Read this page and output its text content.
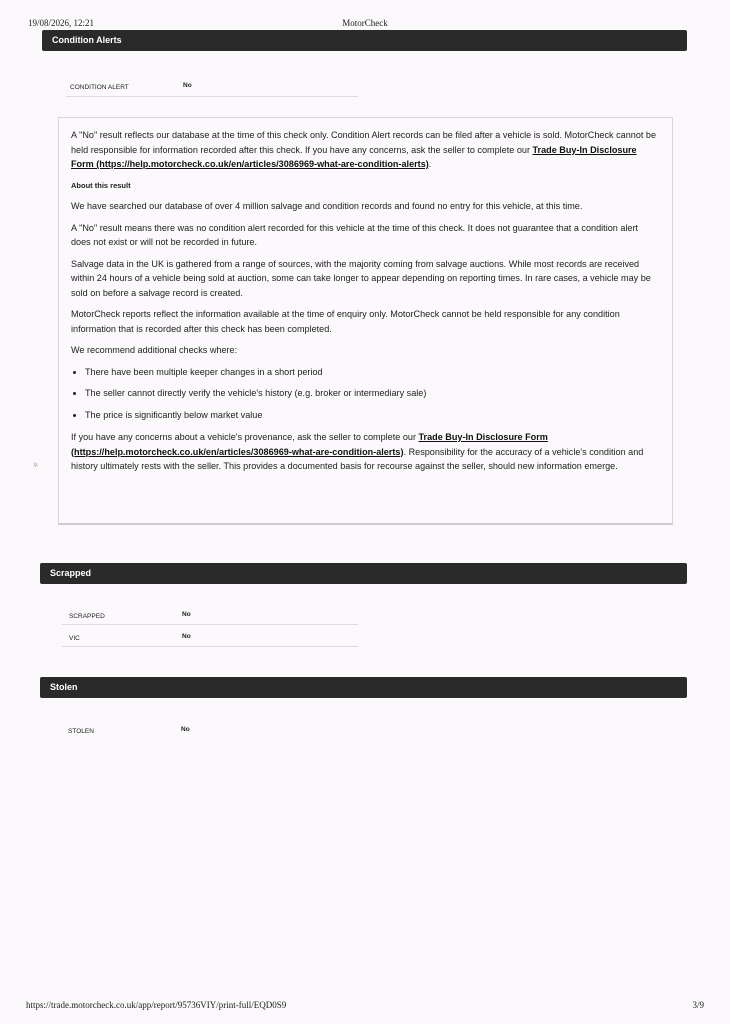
19/08/2026, 12:21	MotorCheck
Condition Alerts
CONDITION ALERT	No

A "No" result reflects our database at the time of this check only. Condition Alert records can be filed after a vehicle is sold. MotorCheck cannot be held responsible for information recorded after this check. If you have any concerns, ask the seller to complete our Trade Buy-In Disclosure Form (https://help.motorcheck.co.uk/en/articles/3086969-what-are-condition-alerts).

About this result

We have searched our database of over 4 million salvage and condition records and found no entry for this vehicle, at this time.

A "No" result means there was no condition alert recorded for this vehicle at the time of this check. It does not guarantee that a condition alert does not exist or will not be recorded in future.

Salvage data in the UK is gathered from a range of sources, with the majority coming from salvage auctions. While most records are received within 24 hours of a vehicle being sold at auction, some can take longer to appear depending on reporting times. In rare cases, a vehicle may be sold on before a salvage record is created.

MotorCheck reports reflect the information available at the time of enquiry only. MotorCheck cannot be held responsible for any condition information that is recorded after this check has been completed.

We recommend additional checks where:

• There have been multiple keeper changes in a short period
• The seller cannot directly verify the vehicle's history (e.g. broker or intermediary sale)
• The price is significantly below market value

If you have any concerns about a vehicle's provenance, ask the seller to complete our Trade Buy-In Disclosure Form (https://help.motorcheck.co.uk/en/articles/3086969-what-are-condition-alerts). Responsibility for the accuracy of a vehicle's condition and history ultimately rests with the seller. This provides a documented basis for recourse against the seller, should new information emerge.

✲
Scrapped
SCRAPPED	No
VIC	No
Stolen
STOLEN	No
https://trade.motorcheck.co.uk/app/report/95736VIY/print-full/EQD0S9	3/9
